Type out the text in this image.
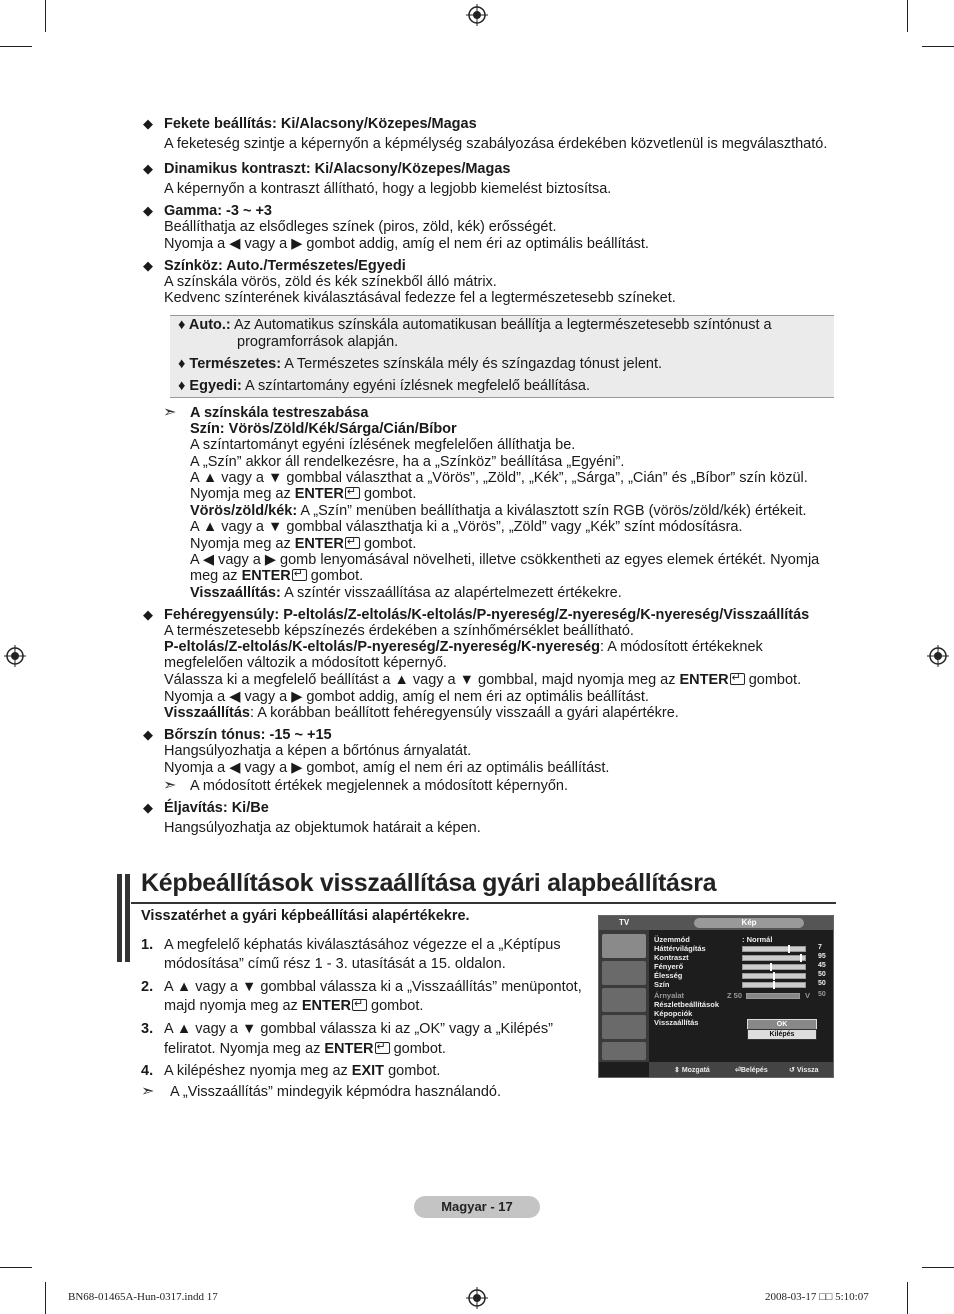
◆ Fekete beállítás: Ki/Alacsony/Közepes/Magas
A feketeség szintje a képernyőn a képmélység szabályozása érdekében közvetlenül is megválasztható.
◆ Dinamikus kontraszt: Ki/Alacsony/Közepes/Magas
A képernyőn a kontraszt állítható, hogy a legjobb kiemelést biztosítsa.
◆ Gamma: -3 ~ +3
Beállíthatja az elsődleges színek (piros, zöld, kék) erősségét.
Nyomja a ◀ vagy a ▶ gombot addig, amíg el nem éri az optimális beállítást.
◆ Színköz: Auto./Természetes/Egyedi
A színskála vörös, zöld és kék színekből álló mátrix.
Kedvenc színterének kiválasztásával fedezze fel a legtermészetesebb színeket.
♦ Auto.: Az Automatikus színskála automatikusan beállítja a legtermészetesebb színtónust a
programforrások alapján.
♦ Természetes: A Természetes színskála mély és színgazdag tónust jelent.
♦ Egyedi: A színtartomány egyéni ízlésnek megfelelő beállítása.
➣ A színskála testreszabása
Szín: Vörös/Zöld/Kék/Sárga/Cián/Bíbor
A színtartományt egyéni ízlésének megfelelően állíthatja be.
A „Szín” akkor áll rendelkezésre, ha a „Színköz” beállítása „Egyéni”.
A ▲ vagy a ▼ gombbal választhat a „Vörös”, „Zöld”, „Kék”, „Sárga”, „Cián” és „Bíbor” szín közül.
Nyomja meg az ENTER ↵ gombot.
Vörös/zöld/kék: A „Szín” menüben beállíthatja a kiválasztott szín RGB (vörös/zöld/kék) értékeit.
A ▲ vagy a ▼ gombbal választhatja ki a „Vörös”, „Zöld” vagy „Kék” színt módosításra.
Nyomja meg az ENTER ↵ gombot.
A ◀ vagy a ▶ gomb lenyomásával növelheti, illetve csökkentheti az egyes elemek értékét. Nyomja
meg az ENTER ↵ gombot.
Visszaállítás: A színtér visszaállítása az alapértelmezett értékekre.
◆ Fehéregyensúly: P-eltolás/Z-eltolás/K-eltolás/P-nyereség/Z-nyereség/K-nyereség/Visszaállítás
A természetesebb képszínezés érdekében a színhőmérséklet beállítható.
P-eltolás/Z-eltolás/K-eltolás/P-nyereség/Z-nyereség/K-nyereség: A módosított értékeknek
megfelelően változik a módosított képernyő.
Válassza ki a megfelelő beállítást a ▲ vagy a ▼ gombbal, majd nyomja meg az ENTER ↵ gombot.
Nyomja a ◀ vagy a ▶ gombot addig, amíg el nem éri az optimális beállítást.
Visszaállítás: A korábban beállított fehéregyensúly visszaáll a gyári alapértékre.
◆ Bőrszín tónus: -15 ~ +15
Hangsúlyozhatja a képen a bőrtónus árnyalatát.
Nyomja a ◀ vagy a ▶ gombot, amíg el nem éri az optimális beállítást.
➣ A módosított értékek megjelennek a módosított képernyőn.
◆ Éljavítás: Ki/Be
Hangsúlyozhatja az objektumok határait a képen.
Képbeállítások visszaállítása gyári alapbeállításra
Visszatérhet a gyári képbeállítási alapértékekre.
1. A megfelelő képhatás kiválasztásához végezze el a „Képtípus
módosítása” című rész 1 - 3. utasítását a 15. oldalon.
2. A ▲ vagy a ▼ gombbal válassza ki a „Visszaállítás” menüpontot,
majd nyomja meg az ENTER ↵ gombot.
3. A ▲ vagy a ▼ gombbal válassza ki az „OK” vagy a „Kilépés”
feliratot. Nyomja meg az ENTER ↵ gombot.
4. A kilépéshez nyomja meg az EXIT gombot.
➣ A „Visszaállítás” mindegyik képmódra használandó.
TV	Kép
Üzemmód	: Normál
Árnyalat	Z 50	V 50
Részletbeállítások
Képopciók
Visszaállítás	OK
Kilépés
⇕ Mozgatá	⏎Belépés	↺ Vissza
Háttérvilágítás	7
Kontraszt	95
Fényerő	45
Élesség	50
Szín	50
Magyar - 17
BN68-01465A-Hun-0317.indd 17	2008-03-17 □□ 5:10:07
